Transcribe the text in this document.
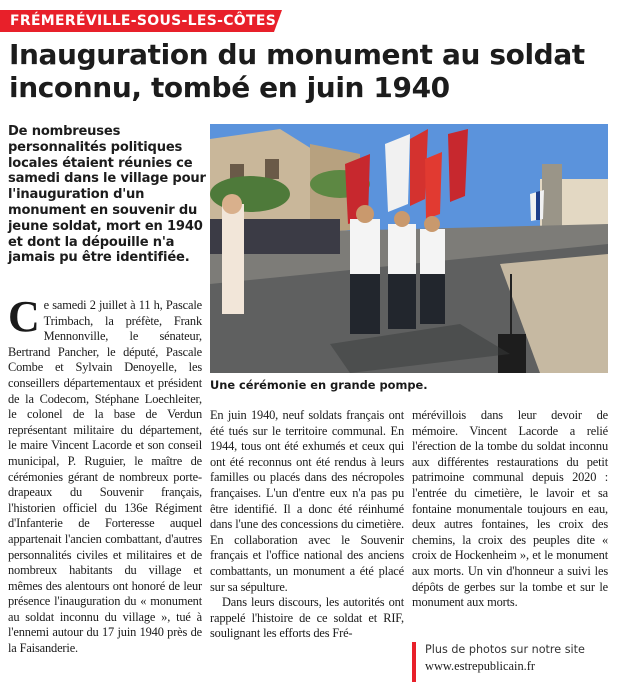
FRÉMERÉVILLE-SOUS-LES-CÔTES
Inauguration du monument au soldat inconnu, tombé en juin 1940
De nombreuses personnalités politiques locales étaient réunies ce samedi dans le village pour l'inauguration d'un monument en souvenir du jeune soldat, mort en 1940 et dont la dépouille n'a jamais pu être identifiée.

Ce samedi 2 juillet à 11 h, Pascale Trimbach, la préfète, Frank Mennonville, le sénateur, Bertrand Pancher, le député, Pascale Combe et Sylvain Denoyelle, les conseillers départementaux et président de la Codecom, Stéphane Loechleiter, le colonel de la base de Verdun représentant militaire du département, le maire Vincent Lacorde et son conseil municipal, P. Ruguier, le maître de cérémonies gérant de nombreux porte-drapeaux du Souvenir français, l'historien officiel du 136e Régiment d'Infanterie de Forteresse auquel appartenait l'ancien combattant, d'autres personnalités civiles et militaires et de nombreux habitants du village et mêmes des alentours ont honoré de leur présence l'inauguration du « monument au soldat inconnu du village », tué à l'ennemi autour du 17 juin 1940 près de la Faisanderie.

Une cérémonie en grande pompe.

En juin 1940, neuf soldats français ont été tués sur le territoire communal. En 1944, tous ont été exhumés et ceux qui ont été reconnus ont été rendus à leurs familles ou placés dans des nécropoles françaises. L'un d'entre eux n'a pas pu être identifié. Il a donc été réinhumé dans l'une des concessions du cimetière. En collaboration avec le Souvenir français et l'office national des anciens combattants, un monument a été placé sur sa sépulture.

Dans leurs discours, les autorités ont rappelé l'histoire de ce soldat et RIF, soulignant les efforts des Fré-

mérévillois dans leur devoir de mémoire. Vincent Lacorde a relié l'érection de la tombe du soldat inconnu aux différentes restaurations du petit patrimoine communal depuis 2020 : l'entrée du cimetière, le lavoir et sa fontaine monumentale toujours en eau, deux autres fontaines, les croix des chemins, la croix des peuples dite « croix de Hockenheim », et le monument aux morts. Un vin d'honneur a suivi les dépôts de gerbes sur la tombe et sur le monument aux morts.

Plus de photos sur notre site
www.estrepublicain.fr
